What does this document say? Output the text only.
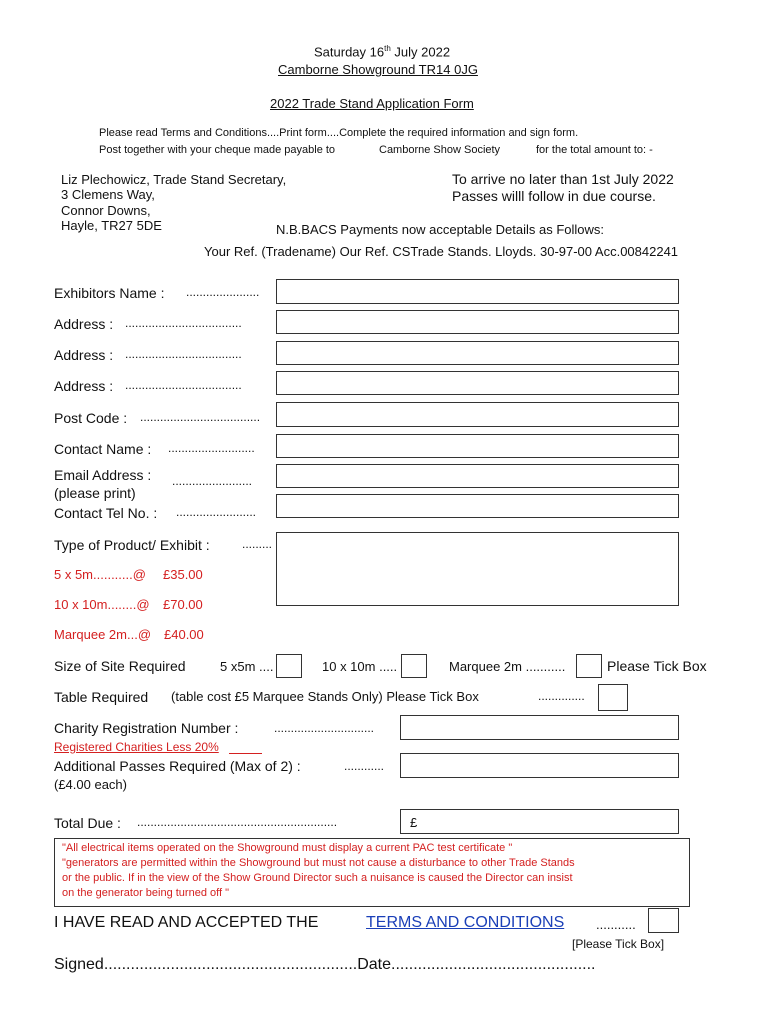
Saturday 16th July 2022
Camborne Showground TR14 0JG
2022 Trade Stand Application Form
Please read Terms and Conditions....Print form....Complete the required information and sign form.
Post together with your cheque made payable to	Camborne Show Society	for the total amount to: -
Liz Plechowicz, Trade Stand Secretary,
3 Clemens Way,
Connor Downs,
Hayle, TR27 5DE
To arrive no later than 1st July 2022
Passes willl follow in due course.
N.B.BACS Payments now acceptable Details as Follows:
Your Ref. (Tradename) Our Ref. CSTrade Stands. Lloyds. 30-97-00 Acc.00842241
Exhibitors Name : ......................
Address : ...................................
Address : ...................................
Address : ...................................
Post Code : ....................................
Contact Name : ..........................
Email Address :
(please print)
........................
Contact Tel No. : ........................
Type of Product/ Exhibit :	.........
5 x 5m...........@ £35.00
10 x 10m........@ £70.00
Marquee 2m...@ £40.00
Size of Site Required	5 x5m ....	10 x 10m .....	Marquee 2m ...........	Please Tick Box
Table Required (table cost £5 Marquee Stands Only) Please Tick Box	..............
Charity Registration Number :	..............................
Registered Charities Less 20%
Additional Passes Required (Max of 2) :	............
(£4.00 each)
Total Due : ............................................................	£
"All electrical items operated on the Showground must display a current PAC test certificate "
"generators are permitted within the Showground but must not cause a disturbance to other Trade Stands
or the public. If in the view of the Show Ground Director such a nuisance is caused the Director can insist
on the generator being turned off "
I HAVE READ AND ACCEPTED THE	TERMS AND CONDITIONS ...........
[Please Tick Box]
Signed.........................................................Date..............................................
